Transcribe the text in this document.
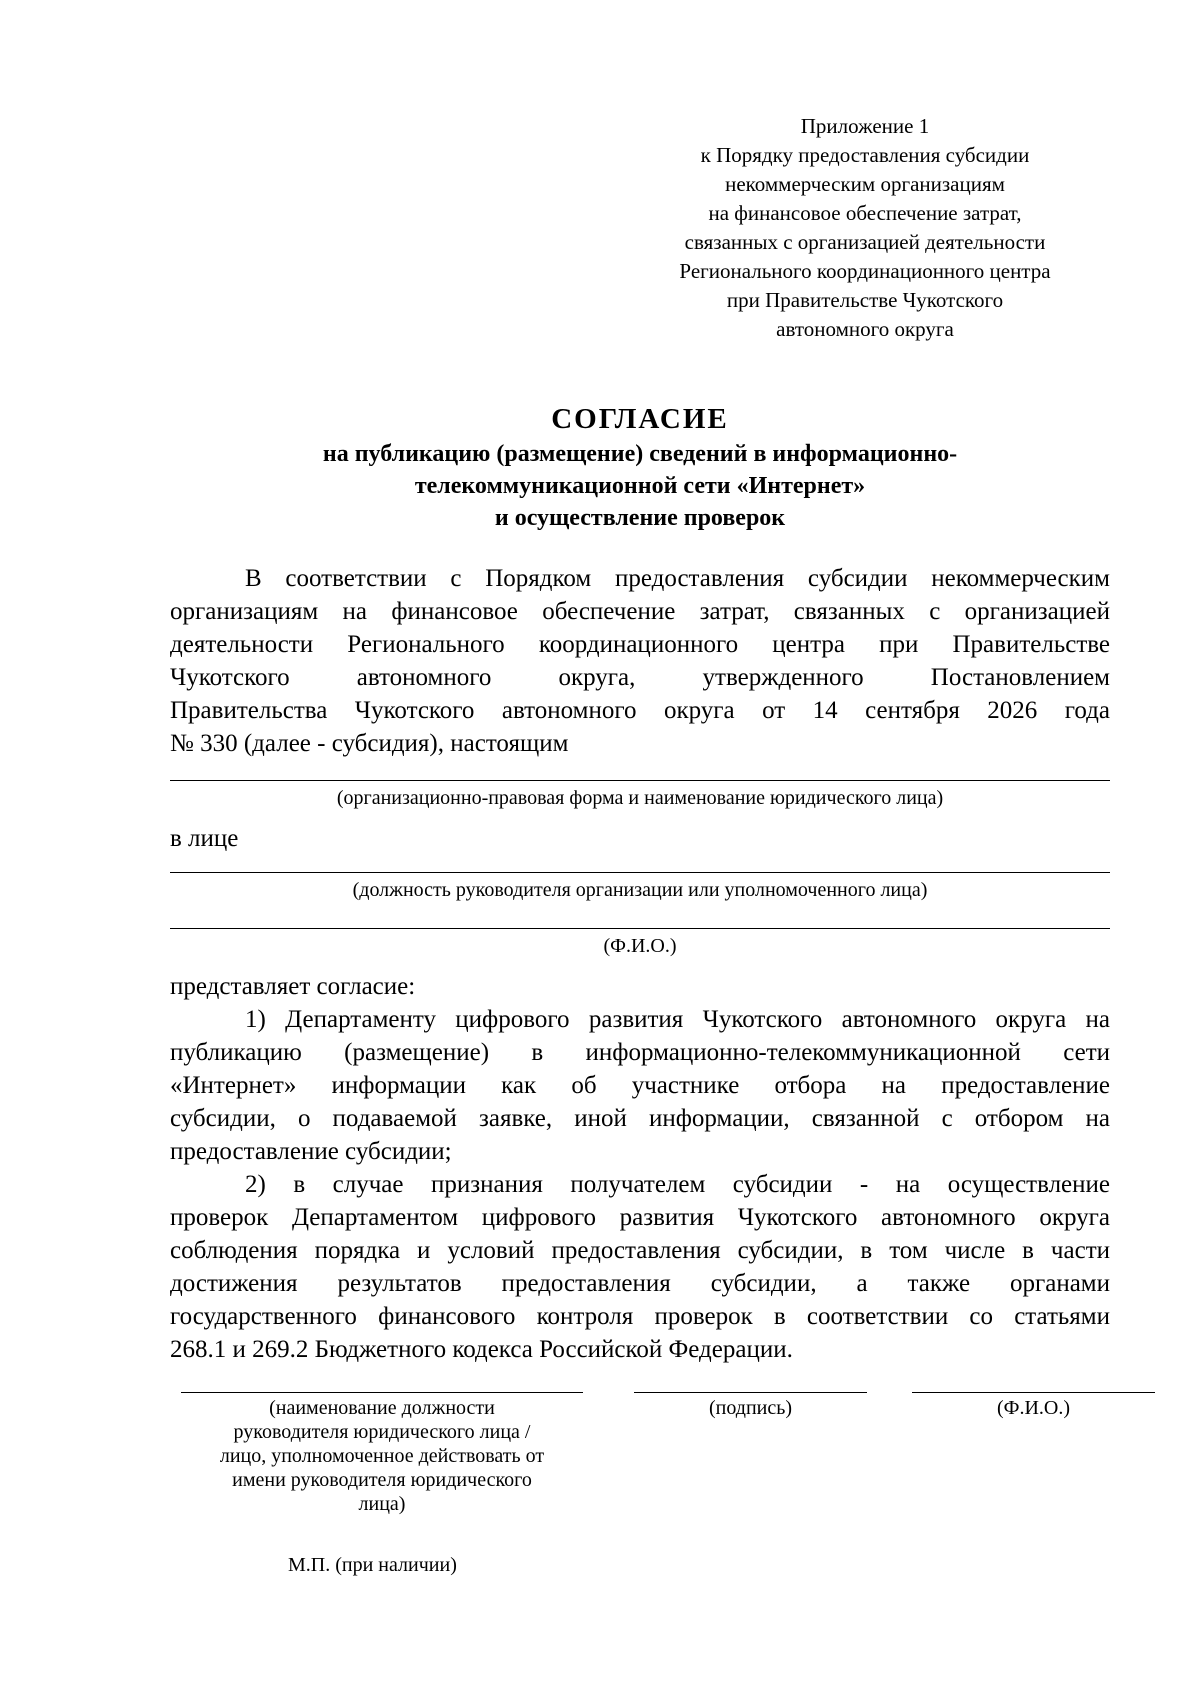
Приложение 1
к Порядку предоставления субсидии
некоммерческим организациям
на финансовое обеспечение затрат,
связанных с организацией деятельности
Регионального координационного центра
при Правительстве Чукотского
автономного округа
СОГЛАСИЕ
на публикацию (размещение) сведений в информационно-
телекоммуникационной сети «Интернет»
и осуществление проверок
В соответствии с Порядком предоставления субсидии некоммерческим
организациям на финансовое обеспечение затрат, связанных с организацией
деятельности Регионального координационного центра при Правительстве
Чукотского автономного округа, утвержденного Постановлением
Правительства Чукотского автономного округа от 14 сентября 2026 года
№ 330 (далее - субсидия), настоящим
(организационно-правовая форма и наименование юридического лица)
в лице
(должность руководителя организации или уполномоченного лица)
(Ф.И.О.)
представляет согласие:
1) Департаменту цифрового развития Чукотского автономного округа на
публикацию (размещение) в информационно-телекоммуникационной сети
«Интернет» информации как об участнике отбора на предоставление
субсидии, о подаваемой заявке, иной информации, связанной с отбором на
предоставление субсидии;
2) в случае признания получателем субсидии - на осуществление
проверок Департаментом цифрового развития Чукотского автономного округа
соблюдения порядка и условий предоставления субсидии, в том числе в части
достижения результатов предоставления субсидии, а также органами
государственного финансового контроля проверок в соответствии со статьями
268.1 и 269.2 Бюджетного кодекса Российской Федерации.
(наименование должности
руководителя юридического лица /
лицо, уполномоченное действовать от
имени руководителя юридического
лица)
(подпись)	(Ф.И.О.)
М.П. (при наличии)
